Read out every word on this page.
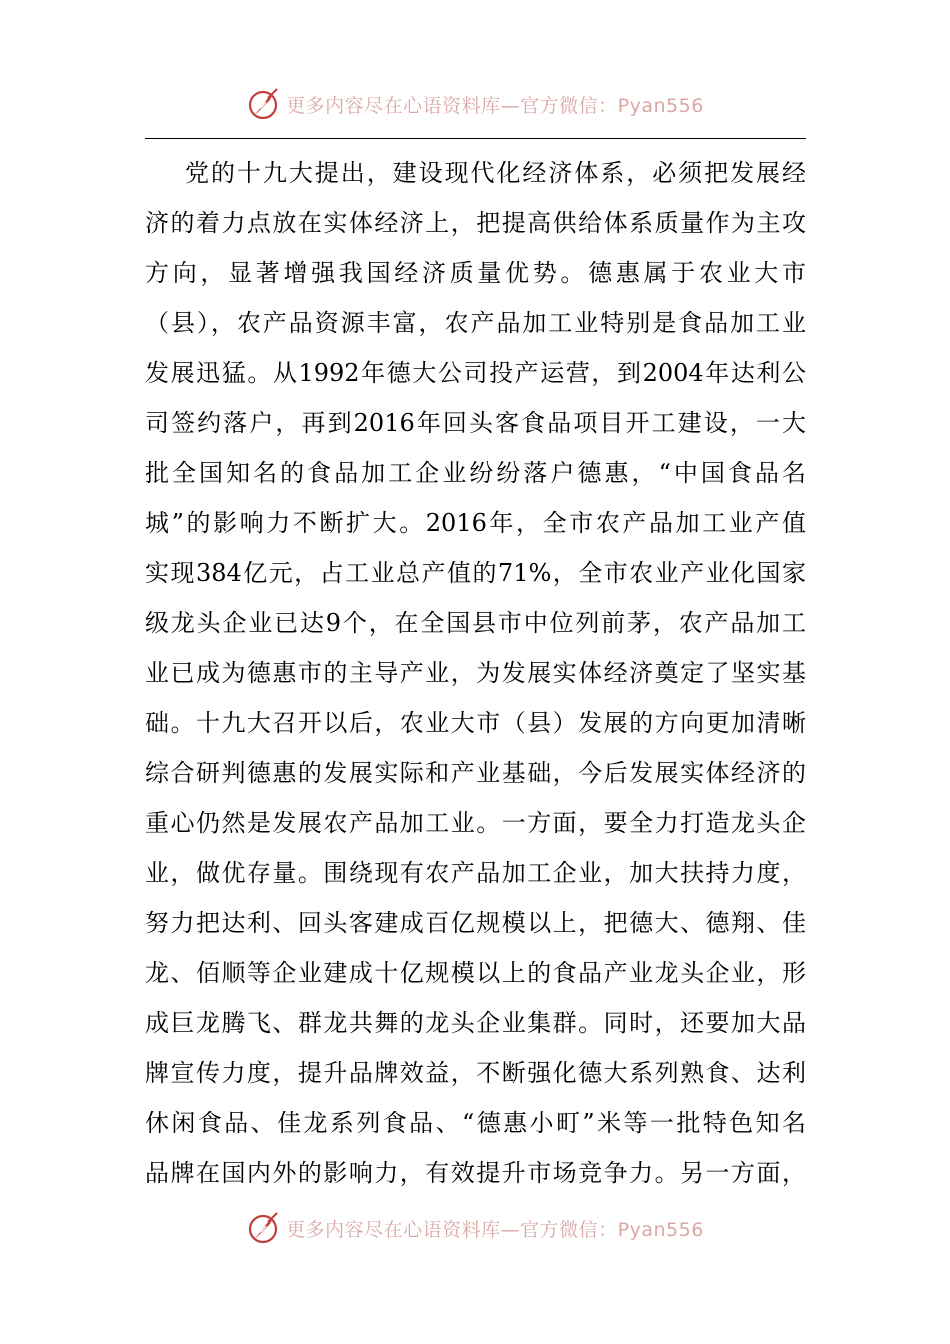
更多内容尽在心语资料库—官方微信：Pyan556
党的十九大提出，建设现代化经济体系，必须把发展经
济的着力点放在实体经济上，把提高供给体系质量作为主攻
方向，显著增强我国经济质量优势。德惠属于农业大市
（县），农产品资源丰富，农产品加工业特别是食品加工业
发展迅猛。从1992年德大公司投产运营，到2004年达利公
司签约落户，再到2016年回头客食品项目开工建设，一大
批全国知名的食品加工企业纷纷落户德惠，“中国食品名
城”的影响力不断扩大。2016年，全市农产品加工业产值
实现384亿元，占工业总产值的71%，全市农业产业化国家
级龙头企业已达9个，在全国县市中位列前茅，农产品加工
业已成为德惠市的主导产业，为发展实体经济奠定了坚实基
础。十九大召开以后，农业大市（县）发展的方向更加清晰
综合研判德惠的发展实际和产业基础，今后发展实体经济的
重心仍然是发展农产品加工业。一方面，要全力打造龙头企
业，做优存量。围绕现有农产品加工企业，加大扶持力度，
努力把达利、回头客建成百亿规模以上，把德大、德翔、佳
龙、佰顺等企业建成十亿规模以上的食品产业龙头企业，形
成巨龙腾飞、群龙共舞的龙头企业集群。同时，还要加大品
牌宣传力度，提升品牌效益，不断强化德大系列熟食、达利
休闲食品、佳龙系列食品、“德惠小町”米等一批特色知名
品牌在国内外的影响力，有效提升市场竞争力。另一方面，
更多内容尽在心语资料库—官方微信：Pyan556
